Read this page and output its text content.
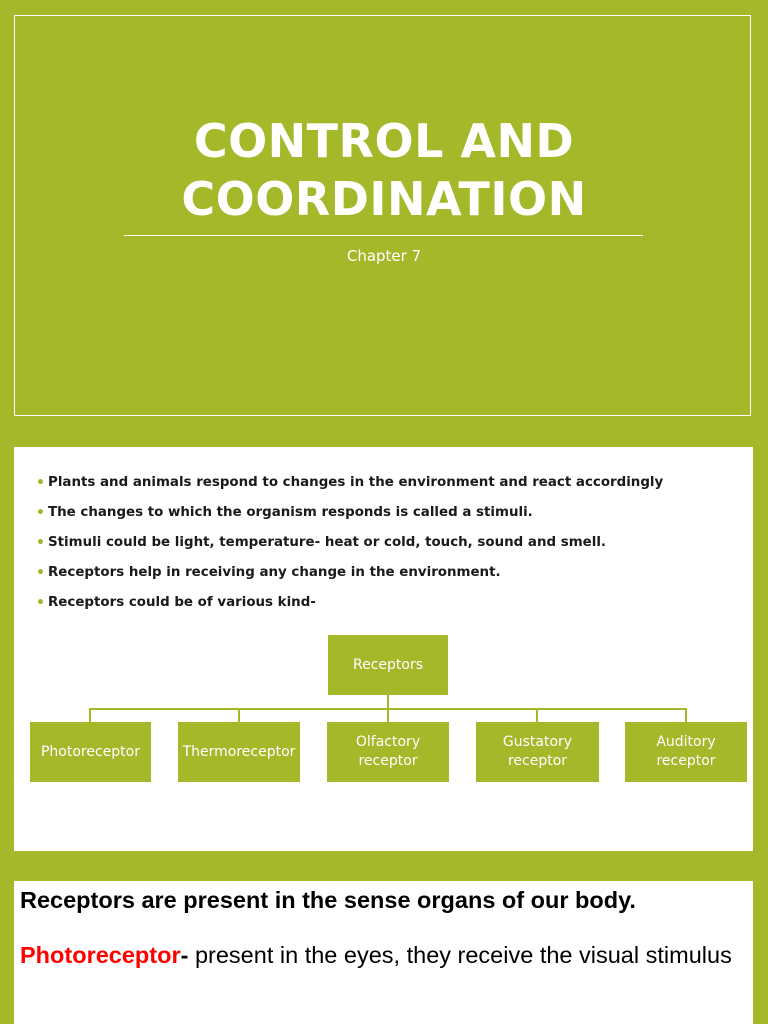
CONTROL AND
COORDINATION
Chapter 7
• Plants and animals respond to changes in the environment and react accordingly
• The changes to which the organism responds is called a stimuli.
• Stimuli could be light, temperature- heat or cold, touch, sound and smell.
• Receptors help in receiving any change in the environment.
• Receptors could be of various kind-
Receptors
Photoreceptor	Thermoreceptor
Olfactory receptor
Gustatory receptor
Auditory receptor

Receptors are present in the sense organs of our body.

Photoreceptor- present in the eyes, they receive the visual stimulus
